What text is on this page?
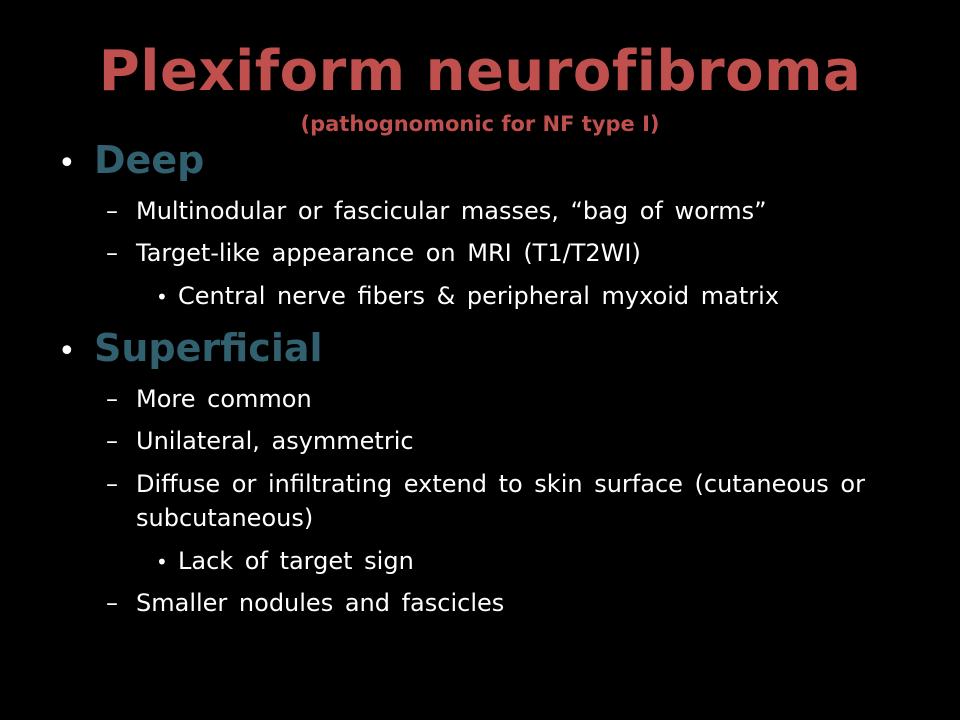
Plexiform neurofibroma
(pathognomonic for NF type I)
• Deep
– Multinodular or fascicular masses, “bag of worms”
– Target-like appearance on MRI (T1/T2WI)
• Central nerve fibers & peripheral myxoid matrix
• Superficial
– More common
– Unilateral, asymmetric
– Diffuse or infiltrating extend to skin surface (cutaneous or subcutaneous)
• Lack of target sign
– Smaller nodules and fascicles
